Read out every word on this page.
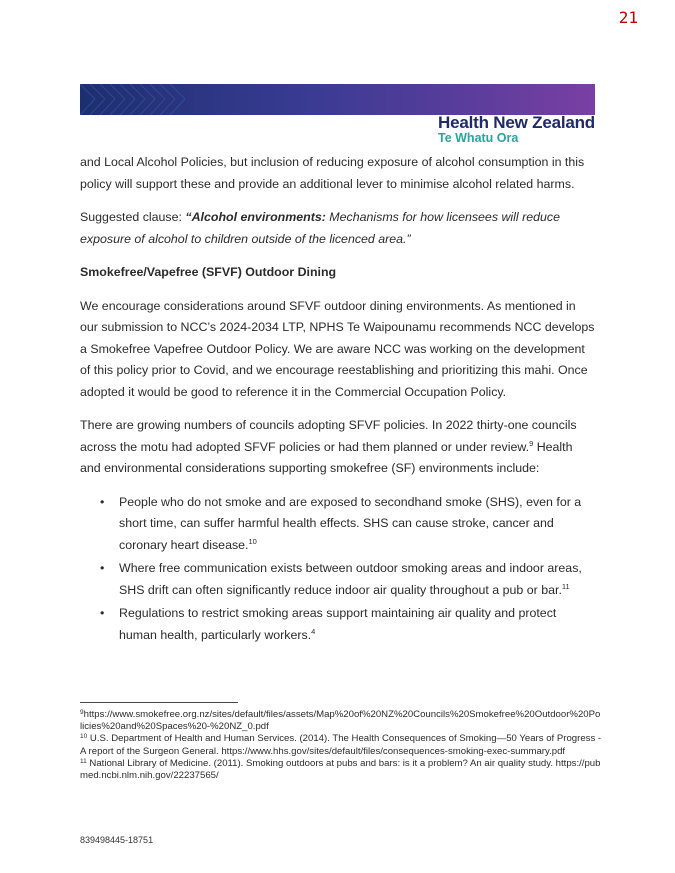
21
Health New Zealand
Te Whatu Ora

and Local Alcohol Policies, but inclusion of reducing exposure of alcohol consumption in this policy will support these and provide an additional lever to minimise alcohol related harms.

Suggested clause: “Alcohol environments: Mechanisms for how licensees will reduce exposure of alcohol to children outside of the licenced area.”

Smokefree/Vapefree (SFVF) Outdoor Dining

We encourage considerations around SFVF outdoor dining environments. As mentioned in our submission to NCC’s 2024-2034 LTP, NPHS Te Waipounamu recommends NCC develops a Smokefree Vapefree Outdoor Policy. We are aware NCC was working on the development of this policy prior to Covid, and we encourage reestablishing and prioritizing this mahi. Once adopted it would be good to reference it in the Commercial Occupation Policy.

There are growing numbers of councils adopting SFVF policies. In 2022 thirty-one councils across the motu had adopted SFVF policies or had them planned or under review.$^9$ Health and environmental considerations supporting smokefree (SF) environments include:

• People who do not smoke and are exposed to secondhand smoke (SHS), even for a short time, can suffer harmful health effects. SHS can cause stroke, cancer and coronary heart disease.$^{10}$
• Where free communication exists between outdoor smoking areas and indoor areas, SHS drift can often significantly reduce indoor air quality throughout a pub or bar.$^{11}$
• Regulations to restrict smoking areas support maintaining air quality and protect human health, particularly workers.$^4$
$^9$https://www.smokefree.org.nz/sites/default/files/assets/Map%20of%20NZ%20Councils%20Smokefree%20Outdoor%20Policies%20and%20Spaces%20-%20NZ_0.pdf
$^{10}$ U.S. Department of Health and Human Services. (2014). The Health Consequences of Smoking—50 Years of Progress - A report of the Surgeon General. https://www.hhs.gov/sites/default/files/consequences-smoking-exec-summary.pdf
$^{11}$ National Library of Medicine. (2011). Smoking outdoors at pubs and bars: is it a problem? An air quality study. https://pubmed.ncbi.nlm.nih.gov/22237565/
839498445-18751
